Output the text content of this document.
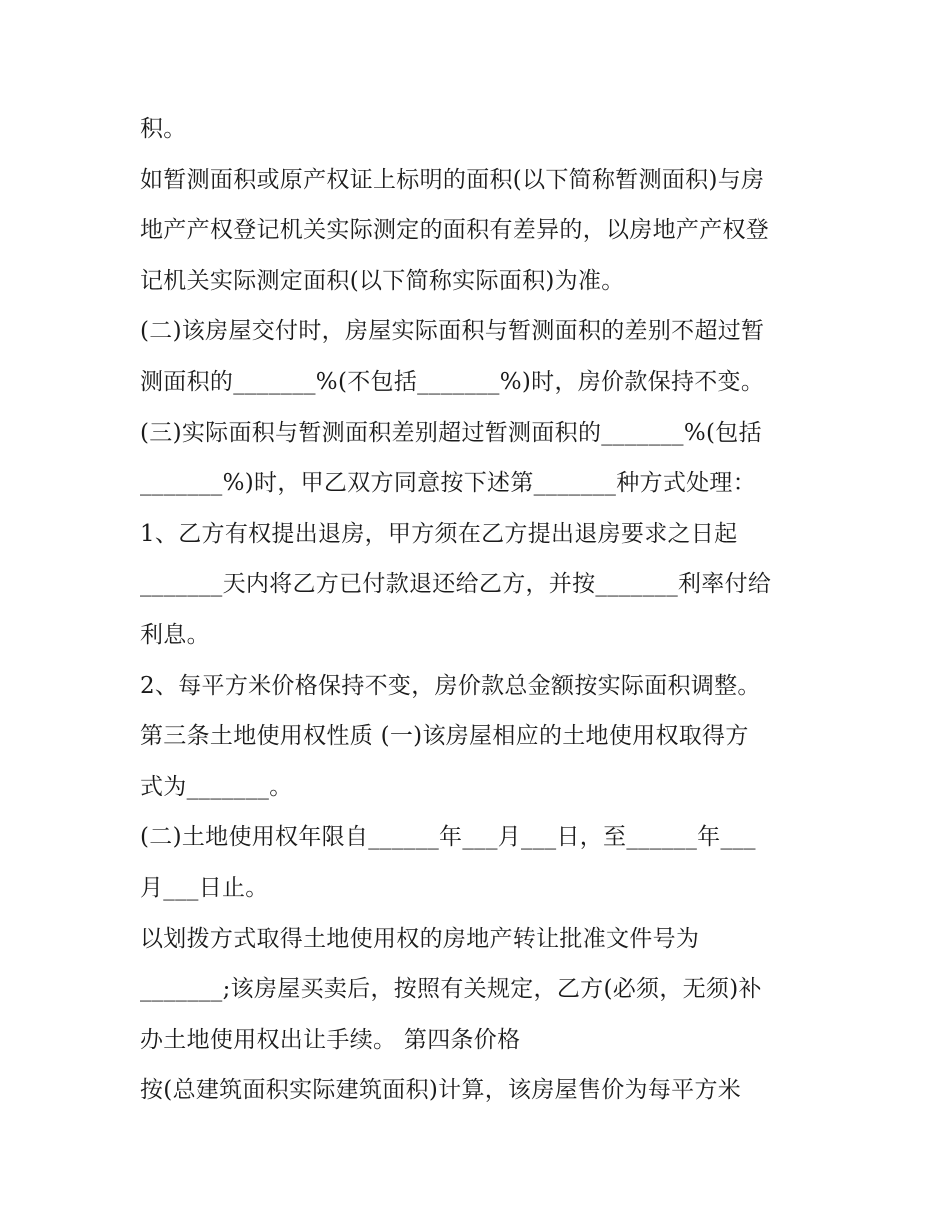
积。
如暂测面积或原产权证上标明的面积(以下简称暂测面积)与房
地产产权登记机关实际测定的面积有差异的，以房地产产权登
记机关实际测定面积(以下简称实际面积)为准。
(二)该房屋交付时，房屋实际面积与暂测面积的差别不超过暂
测面积的_______%(不包括_______%)时，房价款保持不变。
(三)实际面积与暂测面积差别超过暂测面积的_______%(包括
_______%)时，甲乙双方同意按下述第_______种方式处理：
1、乙方有权提出退房，甲方须在乙方提出退房要求之日起
_______天内将乙方已付款退还给乙方，并按_______利率付给
利息。
2、每平方米价格保持不变，房价款总金额按实际面积调整。
第三条土地使用权性质 (一)该房屋相应的土地使用权取得方
式为_______。
(二)土地使用权年限自______年___月___日，至______年___
月___日止。
以划拨方式取得土地使用权的房地产转让批准文件号为
_______;该房屋买卖后，按照有关规定，乙方(必须，无须)补
办土地使用权出让手续。 第四条价格
按(总建筑面积实际建筑面积)计算，该房屋售价为每平方米
